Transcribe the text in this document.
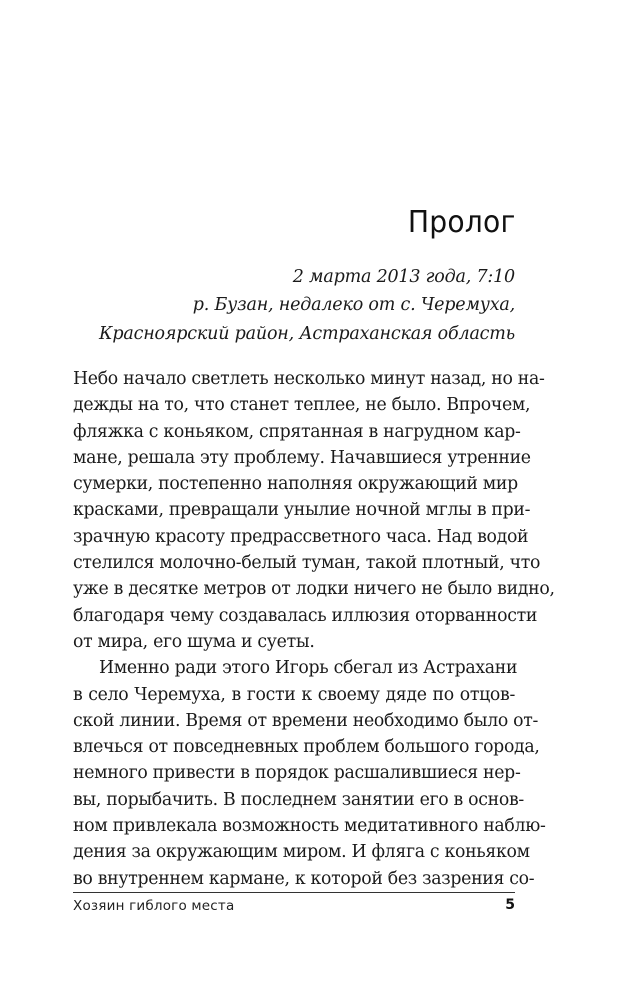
Пролог
2 марта 2013 года, 7:10
р. Бузан, недалеко от с. Черемуха,
Красноярский район, Астраханская область
Небо начало светлеть несколько минут назад, но на-
дежды на то, что станет теплее, не было. Впрочем,
фляжка с коньяком, спрятанная в нагрудном кар-
мане, решала эту проблему. Начавшиеся утренние
сумерки, постепенно наполняя окружающий мир
красками, превращали унылие ночной мглы в при-
зрачную красоту предрассветного часа. Над водой
стелился молочно-белый туман, такой плотный, что
уже в десятке метров от лодки ничего не было видно,
благодаря чему создавалась иллюзия оторванности
от мира, его шума и суеты.
Именно ради этого Игорь сбегал из Астрахани
в село Черемуха, в гости к своему дяде по отцов-
ской линии. Время от времени необходимо было от-
влечься от повседневных проблем большого города,
немного привести в порядок расшалившиеся нер-
вы, порыбачить. В последнем занятии его в основ-
ном привлекала возможность медитативного наблю-
дения за окружающим миром. И фляга с коньяком
во внутреннем кармане, к которой без зазрения со-
Хозяин гиблого места	5
